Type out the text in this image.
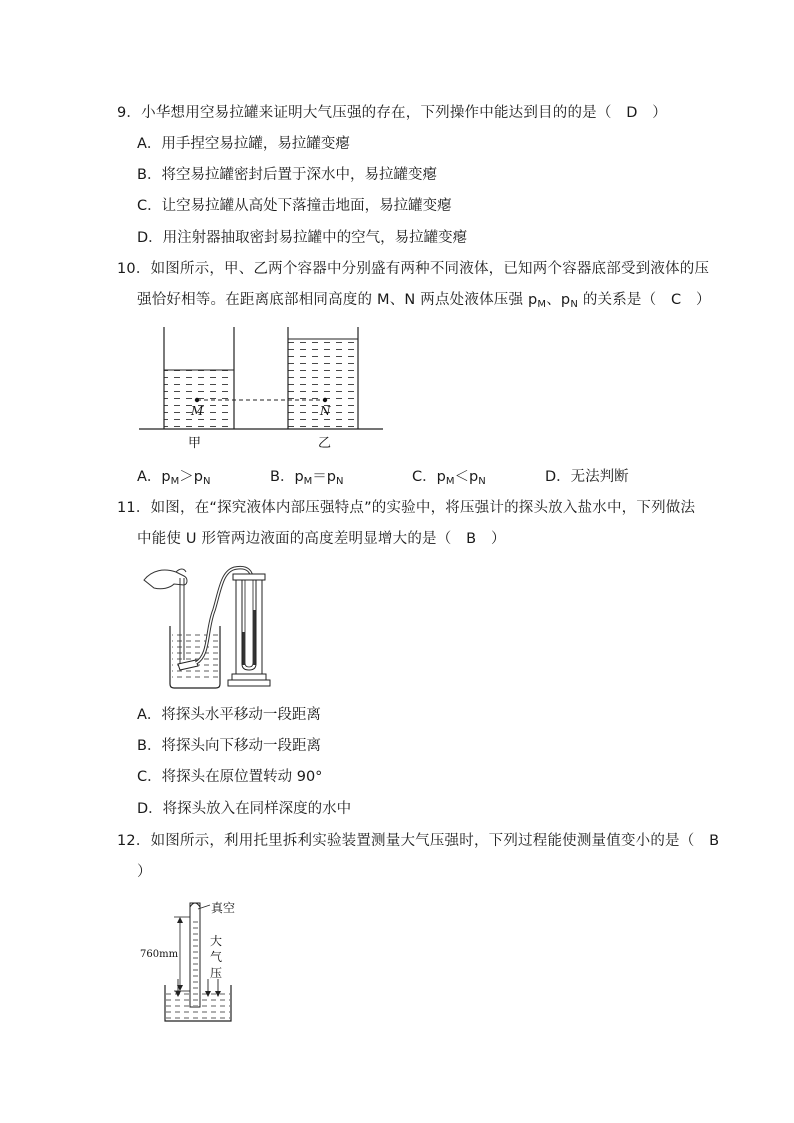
9．小华想用空易拉罐来证明大气压强的存在，下列操作中能达到目的的是（　D　）
A．用手捏空易拉罐，易拉罐变瘪
B．将空易拉罐密封后置于深水中，易拉罐变瘪
C．让空易拉罐从高处下落撞击地面，易拉罐变瘪
D．用注射器抽取密封易拉罐中的空气，易拉罐变瘪
10．如图所示，甲、乙两个容器中分别盛有两种不同液体，已知两个容器底部受到液体的压
强恰好相等。在距离底部相同高度的 M、N 两点处液体压强 $p_M$、$p_N$ 的关系是（　C　）
M	N
甲	乙
A．$p_M>p_N$	B．$p_M=p_N$	C．$p_M<p_N$	D．无法判断
11．如图，在“探究液体内部压强特点”的实验中，将压强计的探头放入盐水中，下列做法
中能使 U 形管两边液面的高度差明显增大的是（　B　）
A．将探头水平移动一段距离
B．将探头向下移动一段距离
C．将探头在原位置转动 90°
D．将探头放入在同样深度的水中
12．如图所示，利用托里拆利实验装置测量大气压强时，下列过程能使测量值变小的是（　B
）
真空
760mm
大
气
压
